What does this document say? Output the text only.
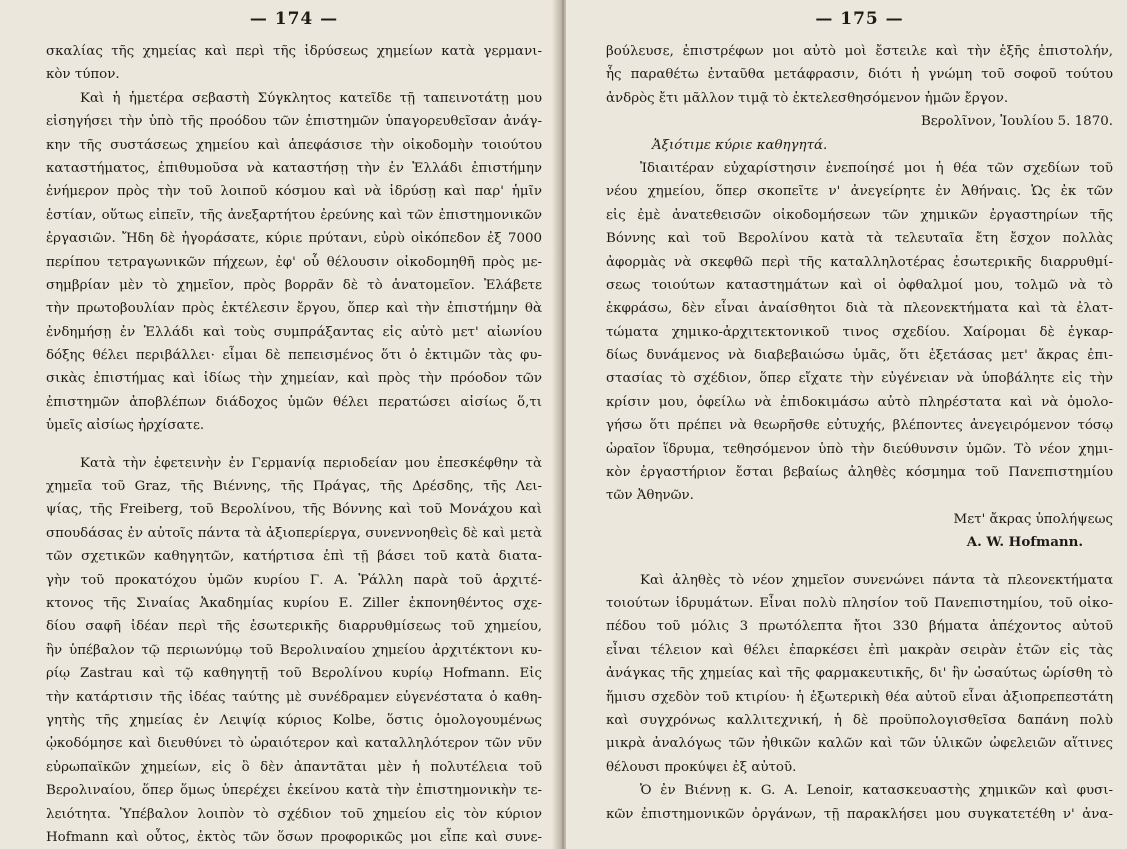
— 174 —
σκαλίας τῆς χημείας καὶ περὶ τῆς ἱδρύσεως χημείων κατὰ γερμανι-
κὸν τύπον.
Καὶ ἡ ἡμετέρα σεβαστὴ Σύγκλητος κατεῖδε τῇ ταπεινοτάτῃ μου
εἰσηγήσει τὴν ὑπὸ τῆς προόδου τῶν ἐπιστημῶν ὑπαγορευθεῖσαν ἀνάγ-
κην τῆς συστάσεως χημείου καὶ ἀπεφάσισε τὴν οἰκοδομὴν τοιούτου
καταστήματος, ἐπιθυμοῦσα νὰ καταστήσῃ τὴν ἐν Ἑλλάδι ἐπιστήμην
ἐνήμερον πρὸς τὴν τοῦ λοιποῦ κόσμου καὶ νὰ ἱδρύσῃ καὶ παρ' ἡμῖν
ἑστίαν, οὕτως εἰπεῖν, τῆς ἀνεξαρτήτου ἐρεύνης καὶ τῶν ἐπιστημονικῶν
ἐργασιῶν. Ἤδη δὲ ἠγοράσατε, κύριε πρύτανι, εὐρὺ οἰκόπεδον ἐξ 7000
περίπου τετραγωνικῶν πήχεων, ἐφ' οὗ θέλουσιν οἰκοδομηθῆ πρὸς με-
σημβρίαν μὲν τὸ χημεῖον, πρὸς βορρᾶν δὲ τὸ ἀνατομεῖον. Ἐλάβετε
τὴν πρωτοβουλίαν πρὸς ἐκτέλεσιν ἔργου, ὅπερ καὶ τὴν ἐπιστήμην θὰ
ἐνδημήσῃ ἐν Ἑλλάδι καὶ τοὺς συμπράξαντας εἰς αὐτὸ μετ' αἰωνίου
δόξης θέλει περιβάλλει· εἶμαι δὲ πεπεισμένος ὅτι ὁ ἐκτιμῶν τὰς φυ-
σικὰς ἐπιστήμας καὶ ἰδίως τὴν χημείαν, καὶ πρὸς τὴν πρόοδον τῶν
ἐπιστημῶν ἀποβλέπων διάδοχος ὑμῶν θέλει περατώσει αἰσίως ὅ,τι
ὑμεῖς αἰσίως ἠρχίσατε.
Κατὰ τὴν ἐφετεινὴν ἐν Γερμανίᾳ περιοδείαν μου ἐπεσκέφθην τὰ
χημεῖα τοῦ Graz, τῆς Βιέννης, τῆς Πράγας, τῆς Δρέσδης, τῆς Λει-
ψίας, τῆς Freiberg, τοῦ Βερολίνου, τῆς Βόννης καὶ τοῦ Μονάχου καὶ
σπουδάσας ἐν αὐτοῖς πάντα τὰ ἀξιοπερίεργα, συνεννοηθεὶς δὲ καὶ μετὰ
τῶν σχετικῶν καθηγητῶν, κατήρτισα ἐπὶ τῇ βάσει τοῦ κατὰ διατα-
γὴν τοῦ προκατόχου ὑμῶν κυρίου Γ. Α. Ῥάλλη παρὰ τοῦ ἀρχιτέ-
κτονος τῆς Σιναίας Ἀκαδημίας κυρίου E. Ziller ἐκπονηθέντος σχε-
δίου σαφῆ ἰδέαν περὶ τῆς ἐσωτερικῆς διαρρυθμίσεως τοῦ χημείου,
ἣν ὑπέβαλον τῷ περιωνύμῳ τοῦ Βερολιναίου χημείου ἀρχιτέκτονι κυ-
ρίῳ Zastrau καὶ τῷ καθηγητῇ τοῦ Βερολίνου κυρίῳ Hofmann. Εἰς
τὴν κατάρτισιν τῆς ἰδέας ταύτης μὲ συνέδραμεν εὐγενέστατα ὁ καθη-
γητὴς τῆς χημείας ἐν Λειψίᾳ κύριος Kolbe, ὅστις ὁμολογουμένως
ᾠκοδόμησε καὶ διευθύνει τὸ ὡραιότερον καὶ καταλληλότερον τῶν νῦν
εὐρωπαϊκῶν χημείων, εἰς ὃ δὲν ἀπαντᾶται μὲν ἡ πολυτέλεια τοῦ
Βερολιναίου, ὅπερ ὅμως ὑπερέχει ἐκείνου κατὰ τὴν ἐπιστημονικὴν τε-
λειότητα. Ὑπέβαλον λοιπὸν τὸ σχέδιον τοῦ χημείου εἰς τὸν κύριον
Hofmann καὶ οὗτος, ἐκτὸς τῶν ὅσων προφορικῶς μοι εἶπε καὶ συνε-
— 175 —
βούλευσε, ἐπιστρέφων μοι αὐτὸ μοὶ ἔστειλε καὶ τὴν ἑξῆς ἐπιστολήν,
ἧς παραθέτω ἐνταῦθα μετάφρασιν, διότι ἡ γνώμη τοῦ σοφοῦ τούτου
ἀνδρὸς ἔτι μᾶλλον τιμᾷ τὸ ἐκτελεσθησόμενον ἡμῶν ἔργον.
Βερολῖνον, Ἰουλίου 5. 1870.
Ἀξιότιμε κύριε καθηγητά.
Ἰδιαιτέραν εὐχαρίστησιν ἐνεποίησέ μοι ἡ θέα τῶν σχεδίων τοῦ
νέου χημείου, ὅπερ σκοπεῖτε ν' ἀνεγείρητε ἐν Ἀθήναις. Ὡς ἐκ τῶν
εἰς ἐμὲ ἀνατεθεισῶν οἰκοδομήσεων τῶν χημικῶν ἐργαστηρίων τῆς
Βόννης καὶ τοῦ Βερολίνου κατὰ τὰ τελευταῖα ἔτη ἔσχον πολλὰς
ἀφορμὰς νὰ σκεφθῶ περὶ τῆς καταλληλοτέρας ἐσωτερικῆς διαρρυθμί-
σεως τοιούτων καταστημάτων καὶ οἱ ὀφθαλμοί μου, τολμῶ νὰ τὸ
ἐκφράσω, δὲν εἶναι ἀναίσθητοι διὰ τὰ πλεονεκτήματα καὶ τὰ ἐλατ-
τώματα χημικο-ἀρχιτεκτονικοῦ τινος σχεδίου. Χαίρομαι δὲ ἐγκαρ-
δίως δυνάμενος νὰ διαβεβαιώσω ὑμᾶς, ὅτι ἐξετάσας μετ' ἄκρας ἐπι-
στασίας τὸ σχέδιον, ὅπερ εἴχατε τὴν εὐγένειαν νὰ ὑποβάλητε εἰς τὴν
κρίσιν μου, ὀφείλω νὰ ἐπιδοκιμάσω αὐτὸ πληρέστατα καὶ νὰ ὁμολο-
γήσω ὅτι πρέπει νὰ θεωρῆσθε εὐτυχής, βλέποντες ἀνεγειρόμενον τόσῳ
ὡραῖον ἵδρυμα, τεθησόμενον ὑπὸ τὴν διεύθυνσιν ὑμῶν. Τὸ νέον χημι-
κὸν ἐργαστήριον ἔσται βεβαίως ἀληθὲς κόσμημα τοῦ Πανεπιστημίου
τῶν Ἀθηνῶν.
Μετ' ἄκρας ὑπολήψεως
A. W. Hofmann.
Καὶ ἀληθὲς τὸ νέον χημεῖον συνενώνει πάντα τὰ πλεονεκτήματα
τοιούτων ἱδρυμάτων. Εἶναι πολὺ πλησίον τοῦ Πανεπιστημίου, τοῦ οἰκο-
πέδου τοῦ μόλις 3 πρωτόλεπτα ἤτοι 330 βήματα ἀπέχοντος αὐτοῦ
εἶναι τέλειον καὶ θέλει ἐπαρκέσει ἐπὶ μακρὰν σειρὰν ἐτῶν εἰς τὰς
ἀνάγκας τῆς χημείας καὶ τῆς φαρμακευτικῆς, δι' ἣν ὡσαύτως ὡρίσθη τὸ
ἥμισυ σχεδὸν τοῦ κτιρίου· ἡ ἐξωτερικὴ θέα αὐτοῦ εἶναι ἀξιοπρεπεστάτη
καὶ συγχρόνως καλλιτεχνική, ἡ δὲ προϋπολογισθεῖσα δαπάνη πολὺ
μικρὰ ἀναλόγως τῶν ἠθικῶν καλῶν καὶ τῶν ὑλικῶν ὠφελειῶν αἵτινες
θέλουσι προκύψει ἐξ αὐτοῦ.
Ὁ ἐν Βιέννῃ κ. G. A. Lenoir, κατασκευαστὴς χημικῶν καὶ φυσι-
κῶν ἐπιστημονικῶν ὀργάνων, τῇ παρακλήσει μου συγκατετέθη ν' ἀνα-
